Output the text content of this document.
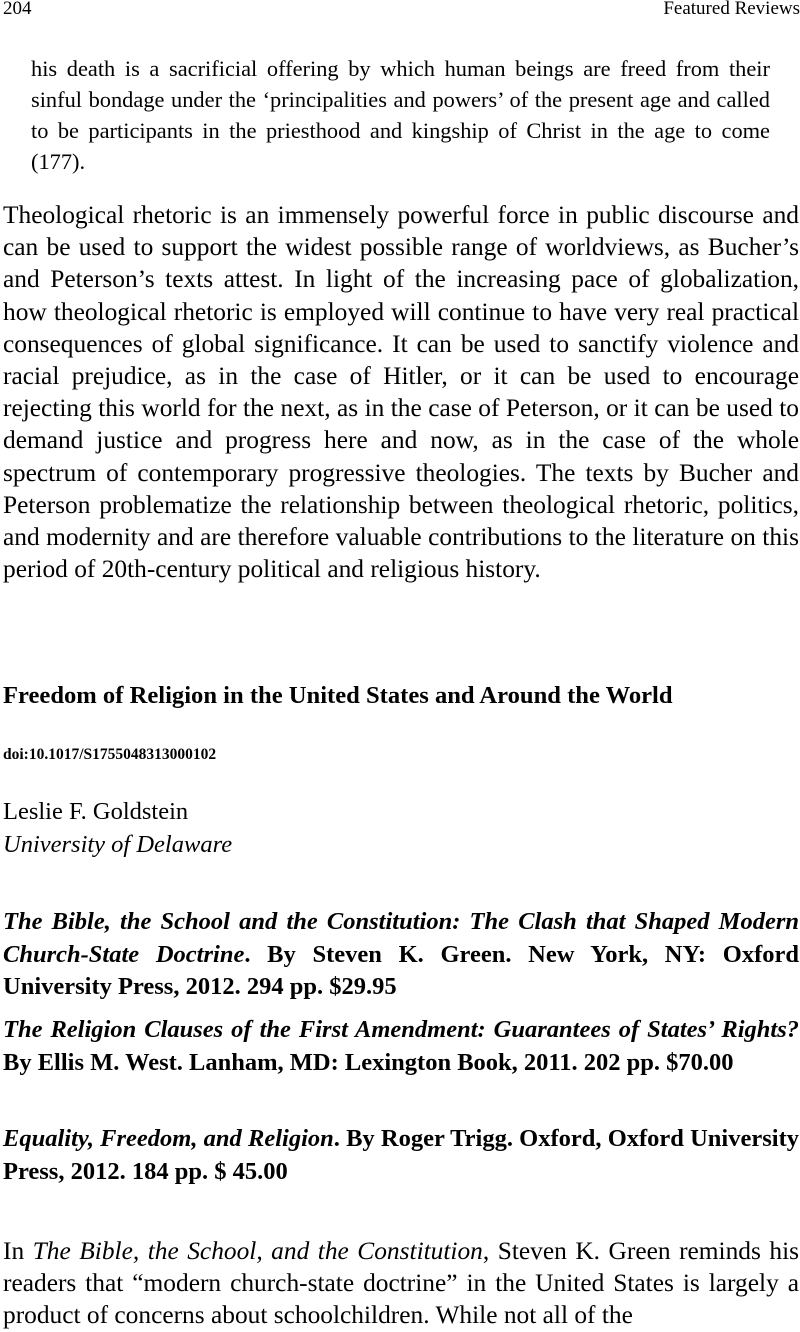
204	Featured Reviews
his death is a sacrificial offering by which human beings are freed from their sinful bondage under the ‘principalities and powers’ of the present age and called to be participants in the priesthood and kingship of Christ in the age to come (177).
Theological rhetoric is an immensely powerful force in public discourse and can be used to support the widest possible range of worldviews, as Bucher’s and Peterson’s texts attest. In light of the increasing pace of globalization, how theological rhetoric is employed will continue to have very real practical consequences of global significance. It can be used to sanctify violence and racial prejudice, as in the case of Hitler, or it can be used to encourage rejecting this world for the next, as in the case of Peterson, or it can be used to demand justice and progress here and now, as in the case of the whole spectrum of contemporary progressive theologies. The texts by Bucher and Peterson problematize the relationship between theological rhetoric, politics, and modernity and are therefore valuable contributions to the literature on this period of 20th-century political and religious history.
Freedom of Religion in the United States and Around the World
doi:10.1017/S1755048313000102
Leslie F. Goldstein
University of Delaware
The Bible, the School and the Constitution: The Clash that Shaped Modern Church-State Doctrine. By Steven K. Green. New York, NY: Oxford University Press, 2012. 294 pp. $29.95
The Religion Clauses of the First Amendment: Guarantees of States’ Rights? By Ellis M. West. Lanham, MD: Lexington Book, 2011. 202 pp. $70.00
Equality, Freedom, and Religion. By Roger Trigg. Oxford, Oxford University Press, 2012. 184 pp. $ 45.00
In The Bible, the School, and the Constitution, Steven K. Green reminds his readers that “modern church-state doctrine” in the United States is largely a product of concerns about schoolchildren. While not all of the
